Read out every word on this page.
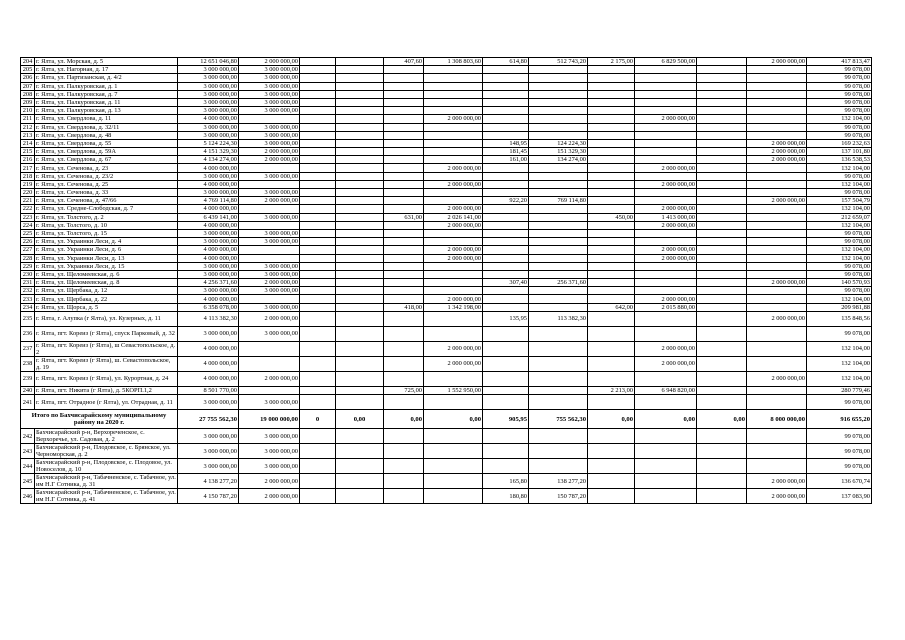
204	г. Ялта, ул. Морская, д. 5	12 651 046,80	2 000 000,00			407,60	1 308 803,60	614,80	512 743,20	2 175,00	6 829 500,00		2 000 000,00	417 813,47
205	г. Ялта, ул. Нагорная, д. 17	3 000 000,00	3 000 000,00											99 078,00
206	г. Ялта, ул. Партизанская, д. 4/2	3 000 000,00	3 000 000,00											99 078,00
207	г. Ялта, ул. Палкуровская, д. 1	3 000 000,00	3 000 000,00											99 078,00
208	г. Ялта, ул. Палкуровская, д. 7	3 000 000,00	3 000 000,00											99 078,00
209	г. Ялта, ул. Палкуровская, д. 11	3 000 000,00	3 000 000,00											99 078,00
210	г. Ялта, ул. Палкуровская, д. 13	3 000 000,00	3 000 000,00											99 078,00
211	г. Ялта, ул. Свердлова, д. 11	4 000 000,00					2 000 000,00				2 000 000,00			132 104,00
212	г. Ялта, ул. Свердлова, д. 32/11	3 000 000,00	3 000 000,00											99 078,00
213	г. Ялта, ул. Свердлова, д. 48	3 000 000,00	3 000 000,00											99 078,00
214	г. Ялта, ул. Свердлова, д. 55	5 124 224,30	3 000 000,00					148,95	124 224,30				2 000 000,00	169 232,63
215	г. Ялта, ул. Свердлова, д. 59А	4 151 329,30	2 000 000,00					181,45	151 329,30				2 000 000,00	137 101,80
216	г. Ялта, ул. Свердлова, д. 67	4 134 274,00	2 000 000,00					161,00	134 274,00				2 000 000,00	136 538,53
217	г. Ялта, ул. Сеченова, д. 23	4 000 000,00					2 000 000,00				2 000 000,00			132 104,00
218	г. Ялта, ул. Сеченова, д. 23/2	3 000 000,00	3 000 000,00											99 078,00
219	г. Ялта, ул. Сеченова, д. 25	4 000 000,00					2 000 000,00				2 000 000,00			132 104,00
220	г. Ялта, ул. Сеченова, д. 33	3 000 000,00	3 000 000,00											99 078,00
221	г. Ялта, ул. Сеченова, д. 47/66	4 769 114,80	2 000 000,00					922,20	769 114,80				2 000 000,00	157 504,79
222	г. Ялта, ул. Средне-Слободская, д. 7	4 000 000,00					2 000 000,00				2 000 000,00			132 104,00
223	г. Ялта, ул. Толстого, д. 2	6 439 141,00	3 000 000,00			631,00	2 026 141,00			450,00	1 413 000,00			212 659,07
224	г. Ялта, ул. Толстого, д. 10	4 000 000,00					2 000 000,00				2 000 000,00			132 104,00
225	г. Ялта, ул. Толстого, д. 15	3 000 000,00	3 000 000,00											99 078,00
226	г. Ялта, ул. Украинки Леси, д. 4	3 000 000,00	3 000 000,00											99 078,00
227	г. Ялта, ул. Украинки Леси, д. 6	4 000 000,00					2 000 000,00				2 000 000,00			132 104,00
228	г. Ялта, ул. Украинки Леси, д. 13	4 000 000,00					2 000 000,00				2 000 000,00			132 104,00
229	г. Ялта, ул. Украинки Леси, д. 15	3 000 000,00	3 000 000,00											99 078,00
230	г. Ялта, ул. Щеломеевская, д. 6	3 000 000,00	3 000 000,00											99 078,00
231	г. Ялта, ул. Щеломеевская, д. 8	4 256 371,60	2 000 000,00					307,40	256 371,60				2 000 000,00	140 570,93
232	г. Ялта, ул. Щербака, д. 12	3 000 000,00	3 000 000,00											99 078,00
233	г. Ялта, ул. Щербака, д. 22	4 000 000,00					2 000 000,00				2 000 000,00			132 104,00
234	г. Ялта, ул. Щорса, д. 5	6 358 078,00	3 000 000,00			418,00	1 342 198,00			642,00	2 015 880,00			209 981,88
235	г. Ялта, г. Алупка (г Ялта), ул. Кузерных, д. 11	4 113 382,30	2 000 000,00					135,95	113 382,30				2 000 000,00	135 848,56
236	г. Ялта, пгт. Кореиз (г Ялта), спуск Парковый, д. 32	3 000 000,00	3 000 000,00											99 078,00
237	г. Ялта, пгт. Кореиз (г Ялта), ш Севастопольское, д. 2	4 000 000,00					2 000 000,00				2 000 000,00			132 104,00
238	г. Ялта, пгт. Кореиз (г Ялта), ш. Севастопольское, д. 19	4 000 000,00					2 000 000,00				2 000 000,00			132 104,00
239	г. Ялта, пгт. Кореиз (г Ялта), ул. Курортная, д. 24	4 000 000,00	2 000 000,00										2 000 000,00	132 104,00
240	г. Ялта, пгт. Никита (г Ялта), д. 5КОРП.1,2	8 501 770,00				725,00	1 552 950,00			2 213,00	6 948 820,00			280 779,46
241	г. Ялта, пгт. Отрадное (г Ялта), ул. Отрадная, д. 11	3 000 000,00	3 000 000,00											99 078,00
Итого по Бахчисарайскому муниципальному району на 2020 г.		27 755 562,30	19 000 000,00	0	0,00	0,00	0,00	905,95	755 562,30	0,00	0,00	0,00	8 000 000,00	916 655,20
242	Бахчисарайский р-н, Верхореченское, с. Верхоречье, ул. Садовая, д. 2	3 000 000,00	3 000 000,00											99 078,00
243	Бахчисарайский р-н, Плодовское, с. Брянское, ул. Черноморская, д. 2	3 000 000,00	3 000 000,00											99 078,00
244	Бахчисарайский р-н, Плодовское, с. Плодовое, ул. Новоселов, д. 10	3 000 000,00	3 000 000,00											99 078,00
245	Бахчисарайский р-н, Табачненское, с. Табачное, ул. им Н.Г Сотника, д. 31	4 138 277,20	2 000 000,00					165,80	138 277,20				2 000 000,00	136 670,74
246	Бахчисарайский р-н, Табачненское, с. Табачное, ул. им Н.Г Сотника, д. 41	4 150 787,20	2 000 000,00					180,80	150 787,20				2 000 000,00	137 083,90
